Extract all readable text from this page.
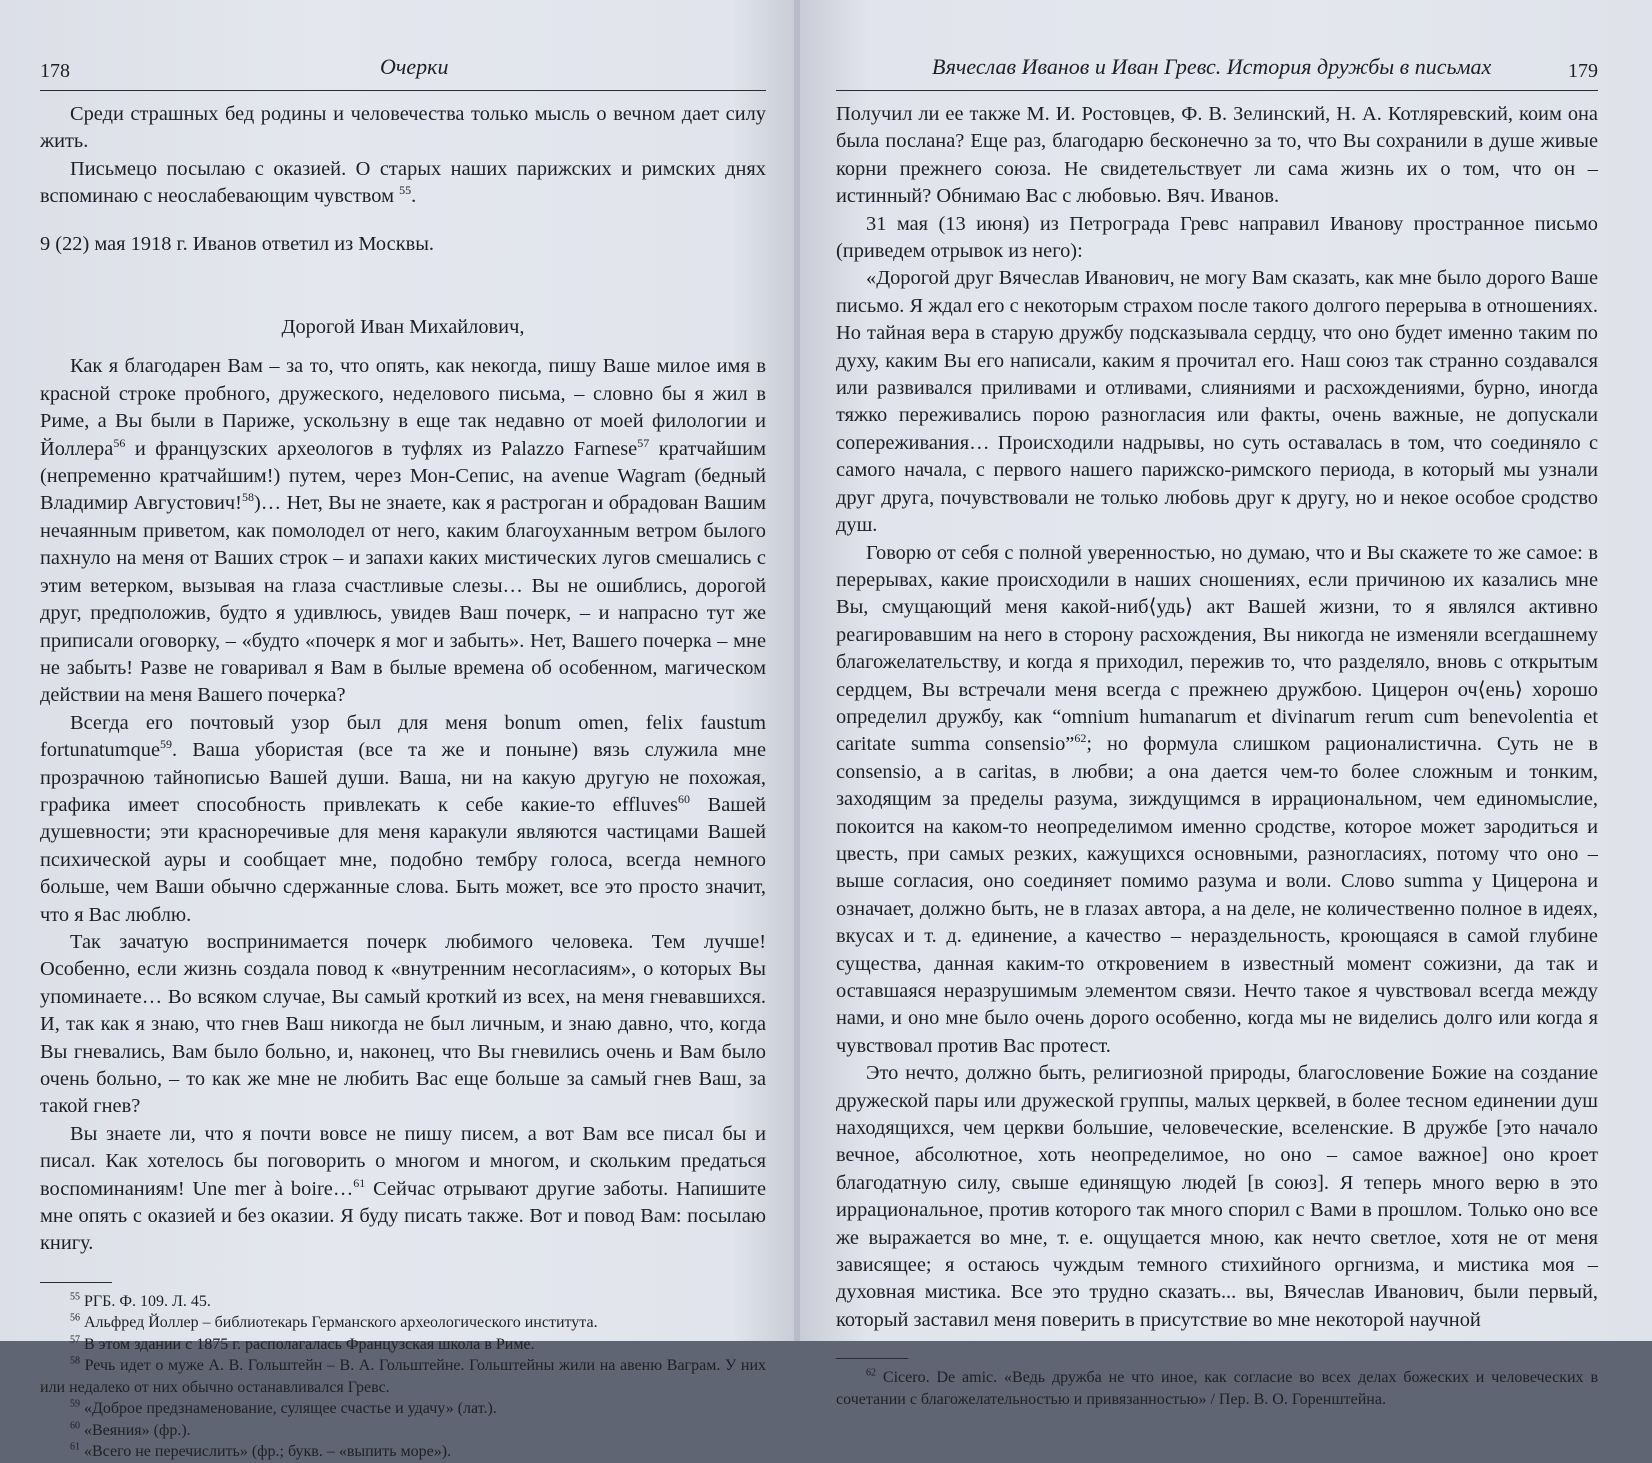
178	Очерки

Среди страшных бед родины и человечества только мысль о вечном дает силу жить.

Письмецо посылаю с оказией. О старых наших парижских и римских днях вспоминаю с неослабевающим чувством $^{55}$.

9 (22) мая 1918 г. Иванов ответил из Москвы.

Дорогой Иван Михайлович,

Как я благодарен Вам – за то, что опять, как некогда, пишу Ваше милое имя в красной строке пробного, дружеского, неделового письма, – словно бы я жил в Риме, а Вы были в Париже, ускользну в еще так недавно от моей филологии и Йоллера$^{56}$ и французских археологов в туфлях из Palazzo Farnese$^{57}$ кратчайшим (непременно кратчайшим!) путем, через Мон-Сепис, на avenue Wagram (бедный Владимир Августович!$^{58}$)… Нет, Вы не знаете, как я растроган и обрадован Вашим нечаянным приветом, как помолодел от него, каким благоуханным ветром былого пахнуло на меня от Ваших строк – и запахи каких мистических лугов смешались с этим ветерком, вызывая на глаза счастливые слезы… Вы не ошиблись, дорогой друг, предположив, будто я удивлюсь, увидев Ваш почерк, – и напрасно тут же приписали оговорку, – «будто «почерк я мог и забыть». Нет, Вашего почерка – мне не забыть! Разве не говаривал я Вам в былые времена об особенном, магическом действии на меня Вашего почерка?

Всегда его почтовый узор был для меня bonum omen, felix faustum fortunatumque$^{59}$. Ваша убористая (все та же и поныне) вязь служила мне прозрачною тайнописью Вашей души. Ваша, ни на какую другую не похожая, графика имеет способность привлекать к себе какие-то effluves$^{60}$ Вашей душевности; эти красноречивые для меня каракули являются частицами Вашей психической ауры и сообщает мне, подобно тембру голоса, всегда немного больше, чем Ваши обычно сдержанные слова. Быть может, все это просто значит, что я Вас люблю.

Так зачатую воспринимается почерк любимого человека. Тем лучше! Особенно, если жизнь создала повод к «внутренним несогласиям», о которых Вы упоминаете… Во всяком случае, Вы самый кроткий из всех, на меня гневавшихся. И, так как я знаю, что гнев Ваш никогда не был личным, и знаю давно, что, когда Вы гневались, Вам было больно, и, наконец, что Вы гневились очень и Вам было очень больно, – то как же мне не любить Вас еще больше за самый гнев Ваш, за такой гнев?

Вы знаете ли, что я почти вовсе не пишу писем, а вот Вам все писал бы и писал. Как хотелось бы поговорить о многом и многом, и скольким предаться воспоминаниям! Une mer à boire…$^{61}$ Сейчас отрывают другие заботы. Напишите мне опять с оказией и без оказии. Я буду писать также. Вот и повод Вам: посылаю книгу.

$^{55}$ РГБ. Ф. 109. Л. 45.

$^{56}$ Альфред Йоллер – библиотекарь Германского археологического института.

$^{57}$ В этом здании с 1875 г. располагалась Французская школа в Риме.

$^{58}$ Речь идет о муже А. В. Гольштейн – В. А. Гольштейне. Гольштейны жили на авеню Ваграм. У них или недалеко от них обычно останавливался Гревс.

$^{59}$ «Доброе предзнаменование, сулящее счастье и удачу» (лат.).

$^{60}$ «Веяния» (фр.).

$^{61}$ «Всего не перечислить» (фр.; букв. – «выпить море»).

Вячеслав Иванов и Иван Гревс. История дружбы в письмах	179

Получил ли ее также М. И. Ростовцев, Ф. В. Зелинский, Н. А. Котляревский, коим она была послана? Еще раз, благодарю бесконечно за то, что Вы сохранили в душе живые корни прежнего союза. Не свидетельствует ли сама жизнь их о том, что он – истинный? Обнимаю Вас с любовью. Вяч. Иванов.

31 мая (13 июня) из Петрограда Гревс направил Иванову пространное письмо (приведем отрывок из него):

«Дорогой друг Вячеслав Иванович, не могу Вам сказать, как мне было дорого Ваше письмо. Я ждал его с некоторым страхом после такого долгого перерыва в отношениях. Но тайная вера в старую дружбу подсказывала сердцу, что оно будет именно таким по духу, каким Вы его написали, каким я прочитал его. Наш союз так странно создавался или развивался приливами и отливами, слияниями и расхождениями, бурно, иногда тяжко переживались порою разногласия или факты, очень важные, не допускали сопереживания… Происходили надрывы, но суть оставалась в том, что соединяло с самого начала, с первого нашего парижско-римского периода, в который мы узнали друг друга, почувствовали не только любовь друг к другу, но и некое особое сродство душ.

Говорю от себя с полной уверенностью, но думаю, что и Вы скажете то же самое: в перерывах, какие происходили в наших сношениях, если причиною их казались мне Вы, смущающий меня какой-ниб⟨удь⟩ акт Вашей жизни, то я являлся активно реагировавшим на него в сторону расхождения, Вы никогда не изменяли всегдашнему благожелательству, и когда я приходил, пережив то, что разделяло, вновь с открытым сердцем, Вы встречали меня всегда с прежнею дружбою. Цицерон оч⟨ень⟩ хорошо определил дружбу, как “omnium humanarum et divinarum rerum cum benevolentia et caritate summa consensio”$^{62}$; но формула слишком рационалистична. Суть не в consensio, а в caritas, в любви; а она дается чем-то более сложным и тонким, заходящим за пределы разума, зиждущимся в иррациональном, чем единомыслие, покоится на каком-то неопределимом именно сродстве, которое может зародиться и цвесть, при самых резких, кажущихся основными, разногласиях, потому что оно – выше согласия, оно соединяет помимо разума и воли. Слово summa у Цицерона и означает, должно быть, не в глазах автора, а на деле, не количественно полное в идеях, вкусах и т. д. единение, а качество – нераздельность, кроющаяся в самой глубине существа, данная каким-то откровением в известный момент сожизни, да так и оставшаяся неразрушимым элементом связи. Нечто такое я чувствовал всегда между нами, и оно мне было очень дорого особенно, когда мы не виделись долго или когда я чувствовал против Вас протест.

Это нечто, должно быть, религиозной природы, благословение Божие на создание дружеской пары или дружеской группы, малых церквей, в более тесном единении душ находящихся, чем церкви большие, человеческие, вселенские. В дружбе [это начало вечное, абсолютное, хоть неопределимое, но оно – самое важное] оно кроет благодатную силу, свыше единящую людей [в союз]. Я теперь много верю в это иррациональное, против которого так много спорил с Вами в прошлом. Только оно все же выражается во мне, т. е. ощущается мною, как нечто светлое, хотя не от меня зависящее; я остаюсь чуждым темного стихийного оргнизма, и мистика моя – духовная мистика. Все это трудно сказать... вы, Вячеслав Иванович, были первый, который заставил меня поверить в присутствие во мне некоторой научной

$^{62}$ Cicero. De amic. «Ведь дружба не что иное, как согласие во всех делах божеских и человеческих в сочетании с благожелательностью и привязанностью» / Пер. В. О. Горенштейна.
